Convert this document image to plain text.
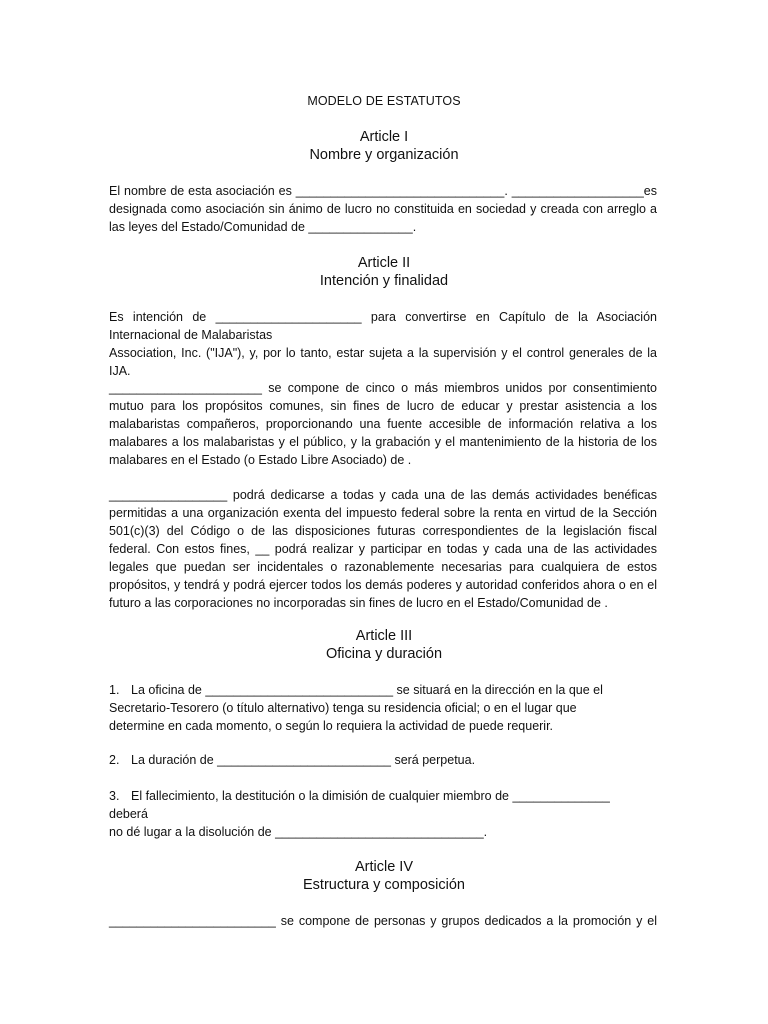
MODELO DE ESTATUTOS
Article I
Nombre y organización
El nombre de esta asociación es ______________________________. ___________________es
designada como asociación sin ánimo de lucro no constituida en sociedad y creada con arreglo a
las leyes del Estado/Comunidad de _______________.
Article II
Intención y finalidad
Es intención de _____________________ para convertirse en Capítulo de la Asociación
Internacional de Malabaristas
Association, Inc. ("IJA"), y, por lo tanto, estar sujeta a la supervisión y el control generales de la
IJA.
______________________ se compone de cinco o más miembros unidos por consentimiento
mutuo para los propósitos comunes, sin fines de lucro de educar y prestar asistencia a los
malabaristas compañeros, proporcionando una fuente accesible de información relativa a los
malabares a los malabaristas y el público, y la grabación y el mantenimiento de la historia de los
malabares en el Estado (o Estado Libre Asociado) de .
_________________ podrá dedicarse a todas y cada una de las demás actividades benéficas
permitidas a una organización exenta del impuesto federal sobre la renta en virtud de la Sección
501(c)(3) del Código o de las disposiciones futuras correspondientes de la legislación fiscal
federal. Con estos fines, __ podrá realizar y participar en todas y cada una de las actividades
legales que puedan ser incidentales o razonablemente necesarias para cualquiera de estos
propósitos, y tendrá y podrá ejercer todos los demás poderes y autoridad conferidos ahora o en el
futuro a las corporaciones no incorporadas sin fines de lucro en el Estado/Comunidad de .
Article III
Oficina y duración
1. La oficina de ___________________________ se situará en la dirección en la que el
Secretario-Tesorero (o título alternativo) tenga su residencia oficial; o en el lugar que
determine en cada momento, o según lo requiera la actividad de puede requerir.
2. La duración de _________________________ será perpetua.
3. El fallecimiento, la destitución o la dimisión de cualquier miembro de ______________
deberá
no dé lugar a la disolución de ______________________________.
Article IV
Estructura y composición
________________________ se compone de personas y grupos dedicados a la promoción y el
